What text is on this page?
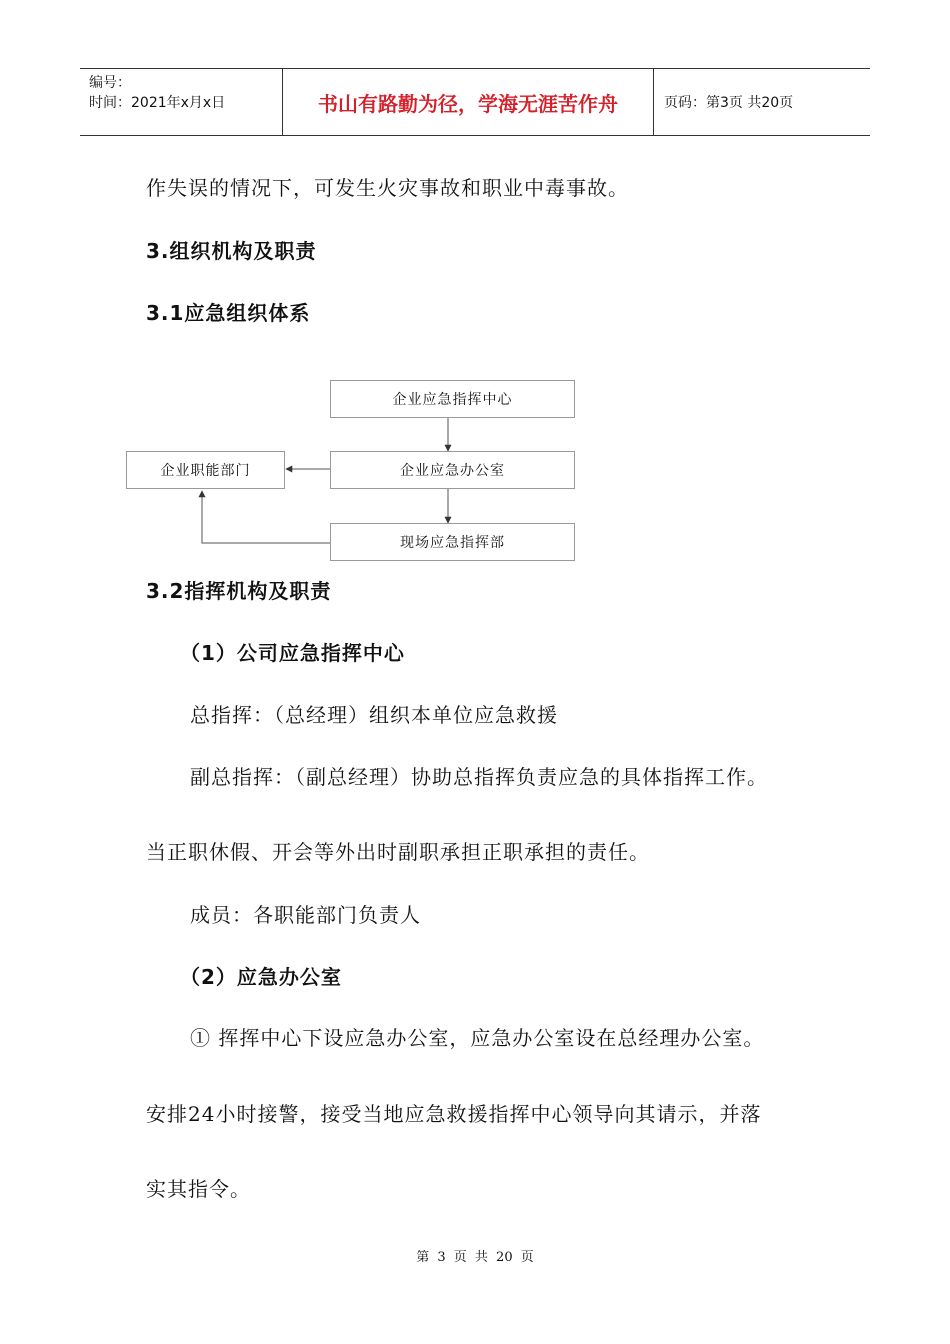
编号：
时间：2021年x月x日	书山有路勤为径，学海无涯苦作舟	页码：第3页 共20页
作失误的情况下，可发生火灾事故和职业中毒事故。
3.组织机构及职责
3.1应急组织体系
企业应急指挥中心
企业应急办公室
企业职能部门
现场应急指挥部
3.2指挥机构及职责
（1）公司应急指挥中心
总指挥：（总经理）组织本单位应急救援
副总指挥：（副总经理）协助总指挥负责应急的具体指挥工作。
当正职休假、开会等外出时副职承担正职承担的责任。
成员：各职能部门负责人
（2）应急办公室
① 挥挥中心下设应急办公室，应急办公室设在总经理办公室。
安排24小时接警，接受当地应急救援指挥中心领导向其请示，并落
实其指令。
第 3 页 共 20 页
